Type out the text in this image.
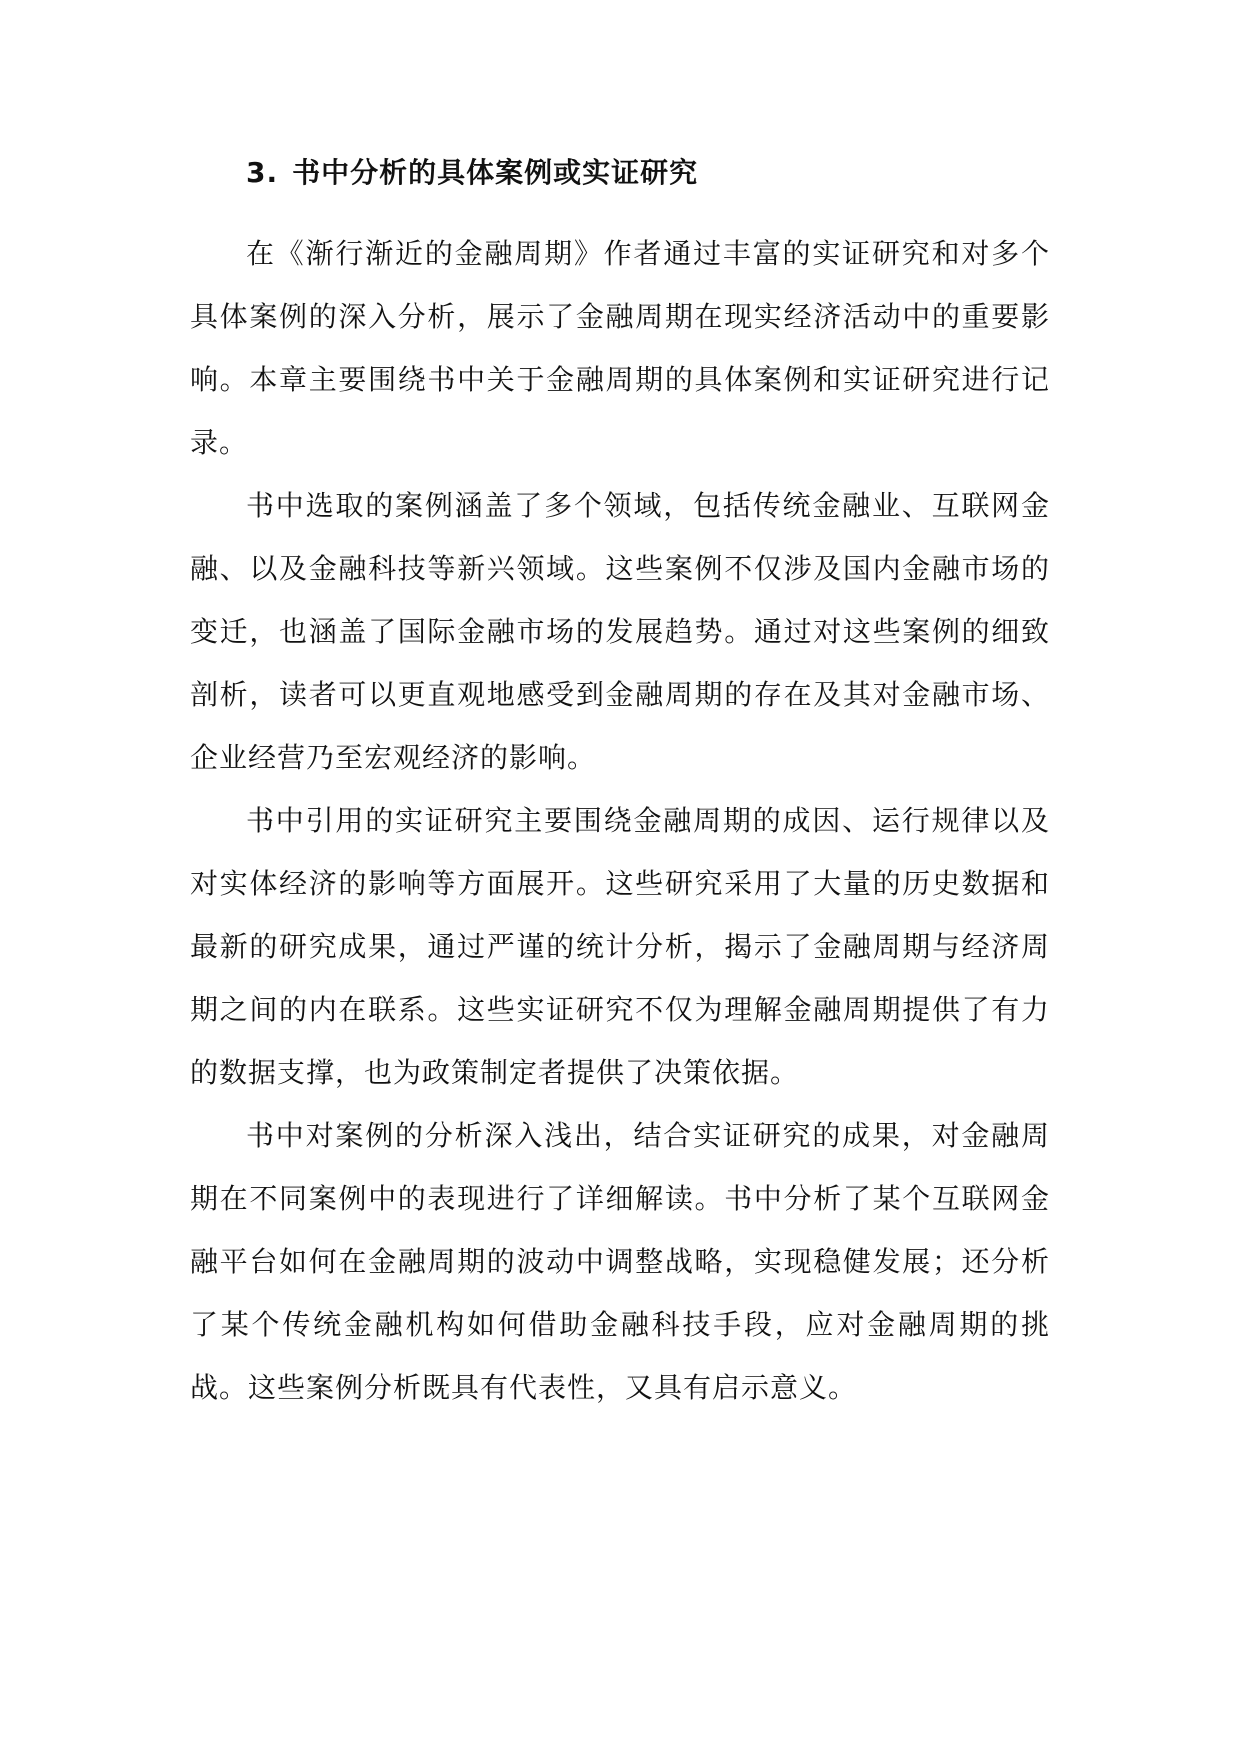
3. 书中分析的具体案例或实证研究

在《渐行渐近的金融周期》作者通过丰富的实证研究和对多个具体案例的深入分析，展示了金融周期在现实经济活动中的重要影响。本章主要围绕书中关于金融周期的具体案例和实证研究进行记录。

书中选取的案例涵盖了多个领域，包括传统金融业、互联网金融、以及金融科技等新兴领域。这些案例不仅涉及国内金融市场的变迁，也涵盖了国际金融市场的发展趋势。通过对这些案例的细致剖析，读者可以更直观地感受到金融周期的存在及其对金融市场、企业经营乃至宏观经济的影响。

书中引用的实证研究主要围绕金融周期的成因、运行规律以及对实体经济的影响等方面展开。这些研究采用了大量的历史数据和最新的研究成果，通过严谨的统计分析，揭示了金融周期与经济周期之间的内在联系。这些实证研究不仅为理解金融周期提供了有力的数据支撑，也为政策制定者提供了决策依据。

书中对案例的分析深入浅出，结合实证研究的成果，对金融周期在不同案例中的表现进行了详细解读。书中分析了某个互联网金融平台如何在金融周期的波动中调整战略，实现稳健发展；还分析了某个传统金融机构如何借助金融科技手段，应对金融周期的挑战。这些案例分析既具有代表性，又具有启示意义。
